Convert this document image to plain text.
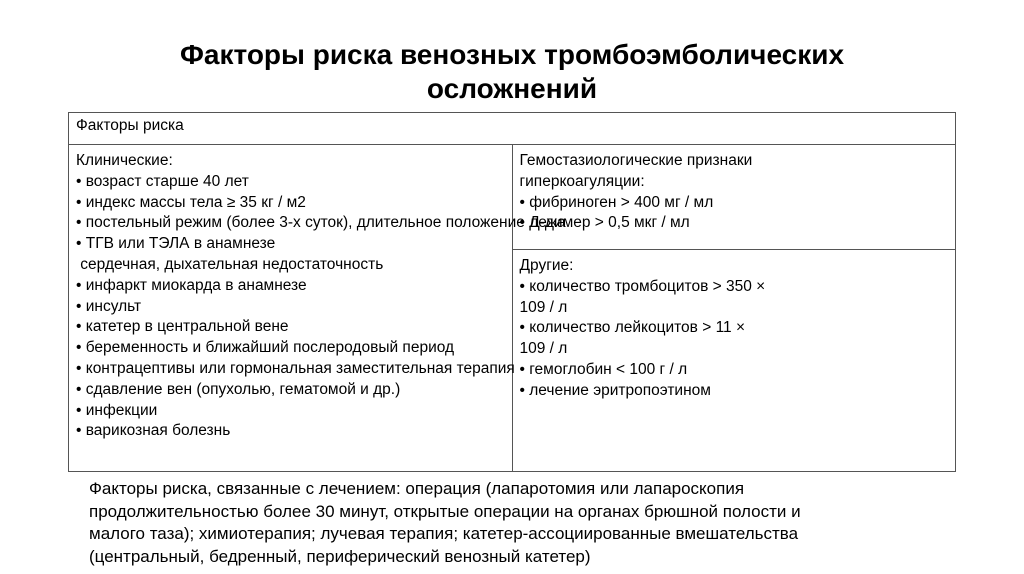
Факторы риска венозных тромбоэмболических
осложнений
Факторы риска

Клинические:
• возраст старше 40 лет
• индекс массы тела ≥ 35 кг / м2
• постельный режим (более 3-х суток), длительное положение лежа
• ТГВ или ТЭЛА в анамнезе
сердечная, дыхательная недостаточность
• инфаркт миокарда в анамнезе
• инсульт
• катетер в центральной вене
• беременность и ближайший послеродовый период
• контрацептивы или гормональная заместительная терапия
• сдавление вен (опухолью, гематомой и др.)
• инфекции
• варикозная болезнь

Гемостазиологические признаки
гиперкоагуляции:
• фибриноген > 400 мг / мл
• Д-димер > 0,5 мкг / мл

Другие:
• количество тромбоцитов > 350 ×
109 / л
• количество лейкоцитов > 11 ×
109 / л
• гемоглобин < 100 г / л
• лечение эритропоэтином
Факторы риска, связанные с лечением: операция (лапаротомия или лапароскопия
продолжительностью более 30 минут, открытые операции на органах брюшной полости и
малого таза); химиотерапия; лучевая терапия; катетер-ассоциированные вмешательства
(центральный, бедренный, периферический венозный катетер)
